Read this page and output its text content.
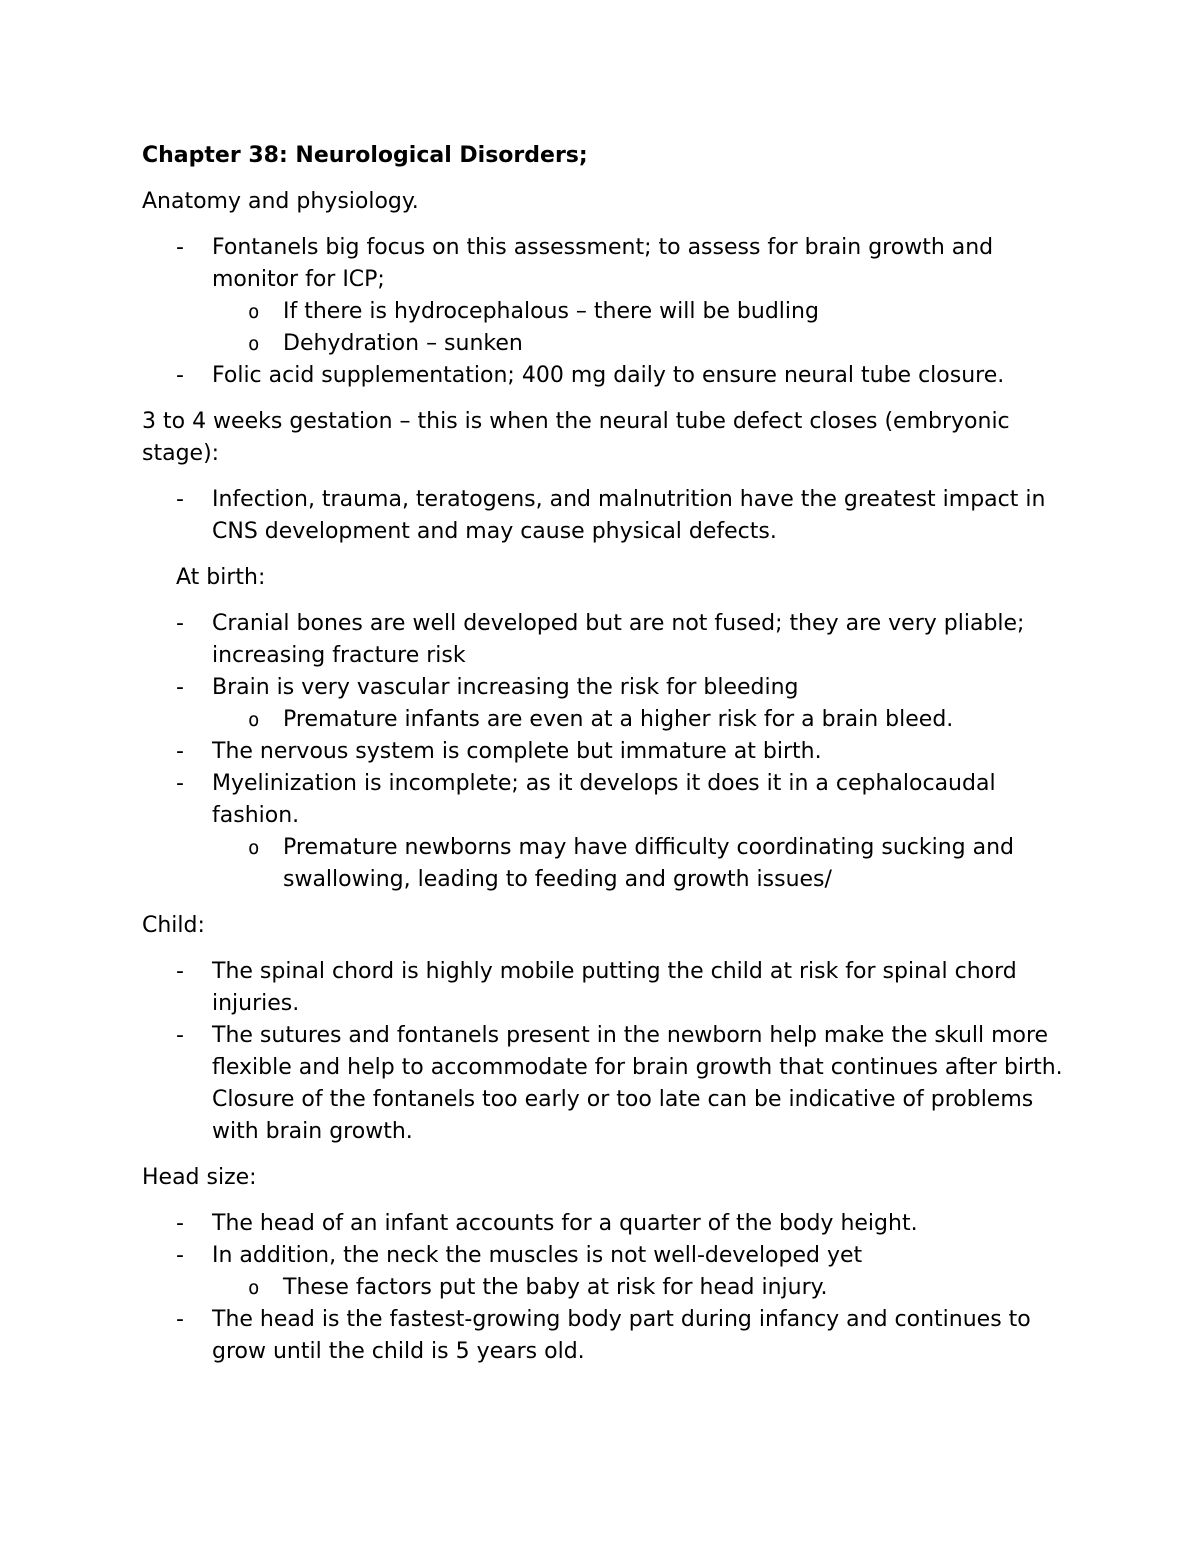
Chapter 38: Neurological Disorders;
Anatomy and physiology.
- Fontanels big focus on this assessment; to assess for brain growth and monitor for ICP;
o If there is hydrocephalous – there will be budling
o Dehydration – sunken
- Folic acid supplementation; 400 mg daily to ensure neural tube closure.
3 to 4 weeks gestation – this is when the neural tube defect closes (embryonic stage):
- Infection, trauma, teratogens, and malnutrition have the greatest impact in CNS development and may cause physical defects.
At birth:
- Cranial bones are well developed but are not fused; they are very pliable; increasing fracture risk
- Brain is very vascular increasing the risk for bleeding
o Premature infants are even at a higher risk for a brain bleed.
- The nervous system is complete but immature at birth.
- Myelinization is incomplete; as it develops it does it in a cephalocaudal fashion.
o Premature newborns may have difficulty coordinating sucking and swallowing, leading to feeding and growth issues/
Child:
- The spinal chord is highly mobile putting the child at risk for spinal chord injuries.
- The sutures and fontanels present in the newborn help make the skull more flexible and help to accommodate for brain growth that continues after birth. Closure of the fontanels too early or too late can be indicative of problems with brain growth.
Head size:
- The head of an infant accounts for a quarter of the body height.
- In addition, the neck the muscles is not well-developed yet
o These factors put the baby at risk for head injury.
- The head is the fastest-growing body part during infancy and continues to grow until the child is 5 years old.
